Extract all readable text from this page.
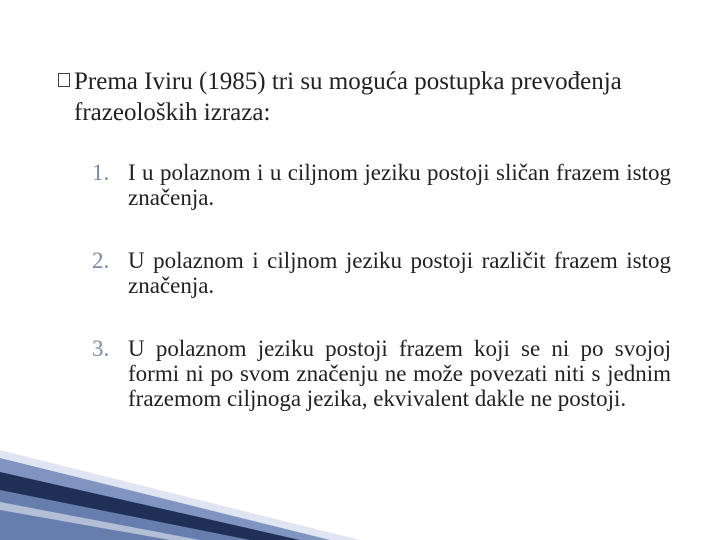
Prema Iviru (1985) tri su moguća postupka prevođenja frazeoloških izraza:
1. I u polaznom i u ciljnom jeziku postoji sličan frazem istog značenja.
2. U polaznom i ciljnom jeziku postoji različit frazem istog značenja.
3. U polaznom jeziku postoji frazem koji se ni po svojoj formi ni po svom značenju ne može povezati niti s jednim frazemom ciljnoga jezika, ekvivalent dakle ne postoji.
